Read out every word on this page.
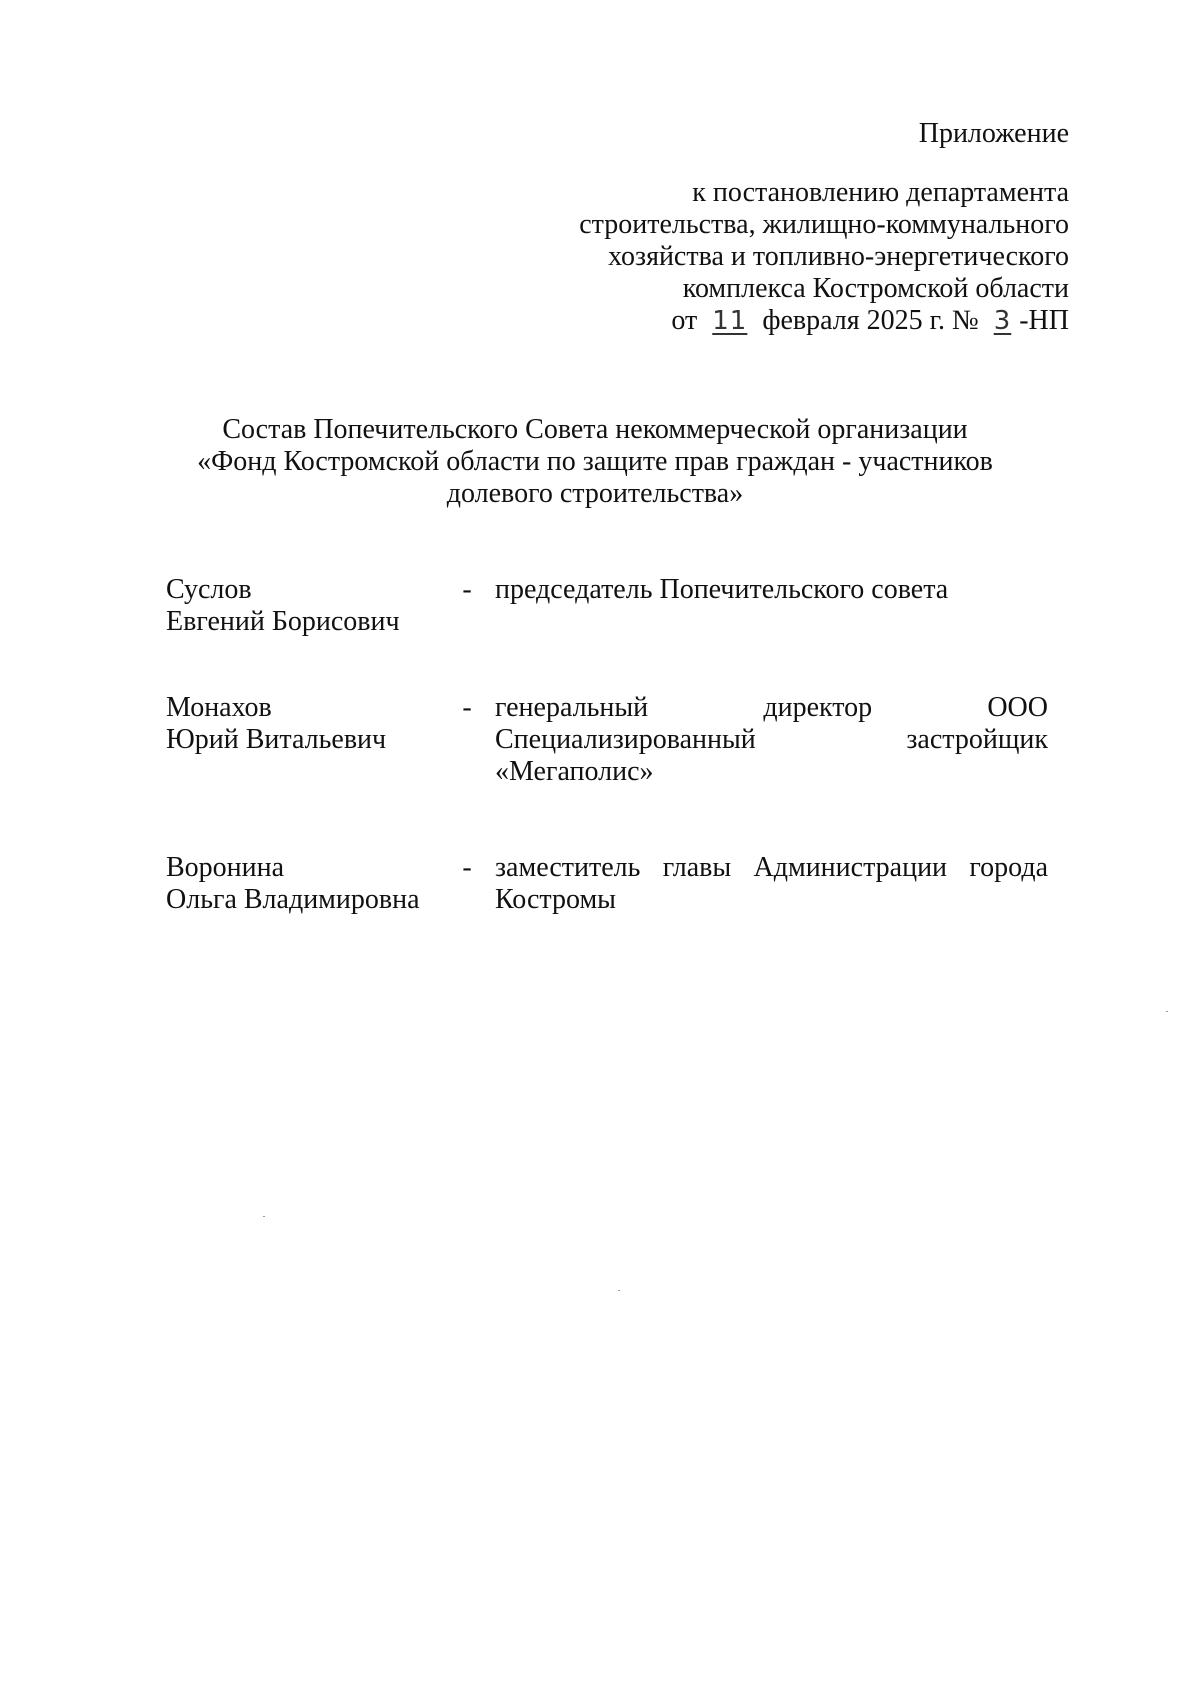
Приложение

к постановлению департамента

строительства, жилищно-коммунального

хозяйства и топливно-энергетического

комплекса Костромской области

от 11 февраля 2025 г. № 3 -НП

Состав Попечительского Совета некоммерческой организации
«Фонд Костромской области по защите прав граждан - участников
долевого строительства»
Суслов
Евгений Борисович
- председатель Попечительского совета
Монахов
Юрий Витальевич
- генеральный директор ООО
Специализированный застройщик
«Мегаполис»
Воронина
Ольга Владимировна
- заместитель главы Администрации города
Костромы
